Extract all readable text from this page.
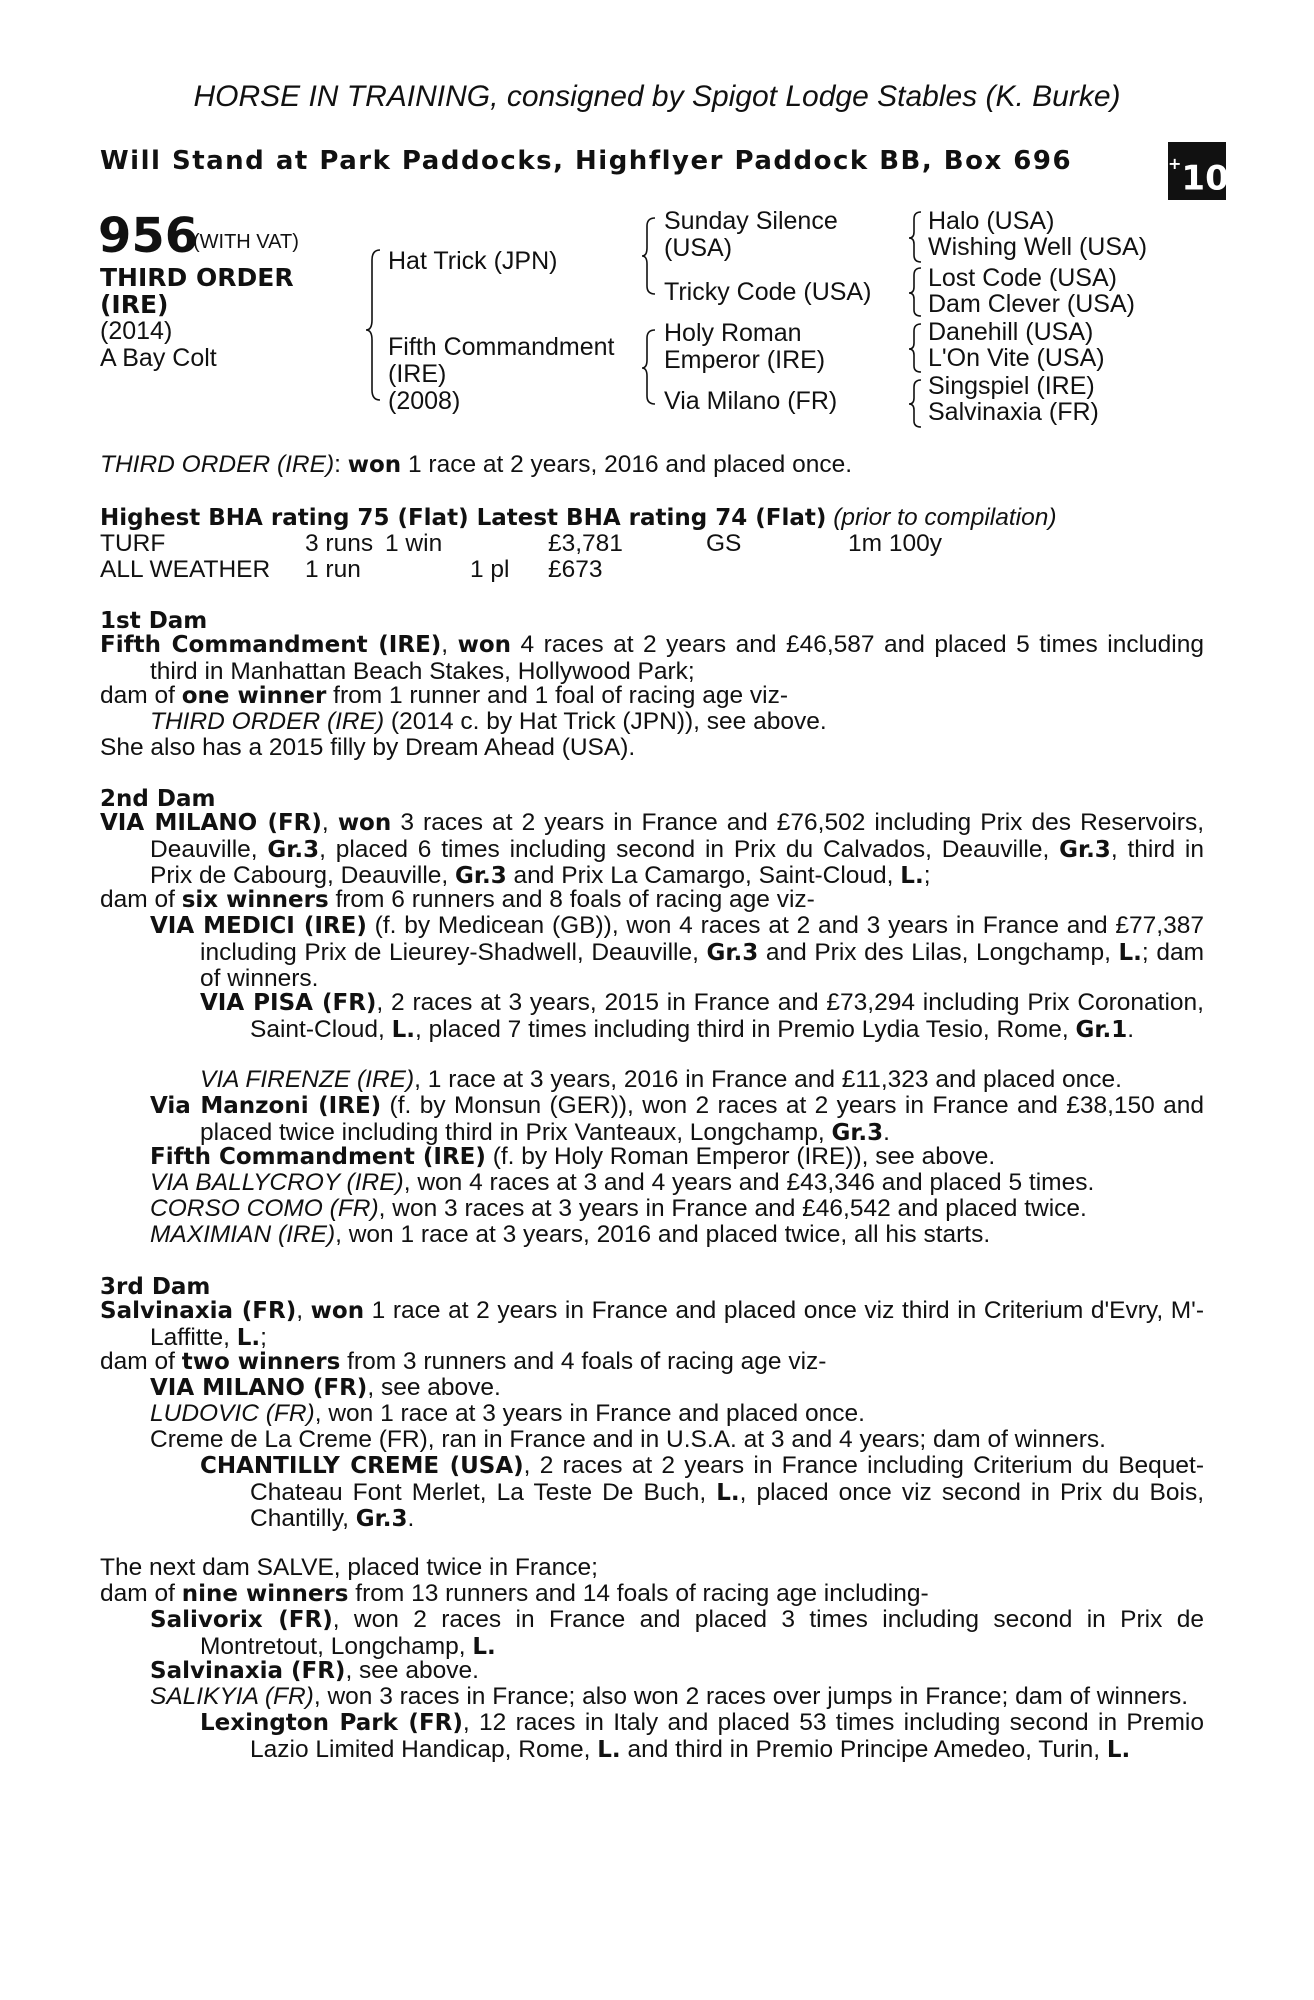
HORSE IN TRAINING, consigned by Spigot Lodge Stables (K. Burke)
Will Stand at Park Paddocks, Highflyer Paddock BB, Box 696	+10
956
(WITH VAT)
THIRD ORDER (IRE)
(2014)
A Bay Colt
Hat Trick (JPN)
Fifth Commandment
(IRE)
(2008)
Sunday Silence
(USA)
Tricky Code (USA)
Holy Roman
Emperor (IRE)
Via Milano (FR)
Halo (USA)
Wishing Well (USA)
Lost Code (USA)
Dam Clever (USA)
Danehill (USA)
L'On Vite (USA)
Singspiel (IRE)
Salvinaxia (FR)
THIRD ORDER (IRE): won 1 race at 2 years, 2016 and placed once.
Highest BHA rating 75 (Flat) Latest BHA rating 74 (Flat) (prior to compilation)
TURF	3 runs 1 win	£3,781	GS	1m 100y
ALL WEATHER 1 run	1 pl £673
1st Dam
Fifth Commandment (IRE), won 4 races at 2 years and £46,587 and placed 5 times including third in Manhattan Beach Stakes, Hollywood Park;
dam of one winner from 1 runner and 1 foal of racing age viz-
THIRD ORDER (IRE) (2014 c. by Hat Trick (JPN)), see above.
She also has a 2015 filly by Dream Ahead (USA).
2nd Dam
VIA MILANO (FR), won 3 races at 2 years in France and £76,502 including Prix des Reservoirs, Deauville, Gr.3, placed 6 times including second in Prix du Calvados, Deauville, Gr.3, third in Prix de Cabourg, Deauville, Gr.3 and Prix La Camargo, Saint-Cloud, L.;
dam of six winners from 6 runners and 8 foals of racing age viz-
VIA MEDICI (IRE) (f. by Medicean (GB)), won 4 races at 2 and 3 years in France and £77,387 including Prix de Lieurey-Shadwell, Deauville, Gr.3 and Prix des Lilas, Longchamp, L.; dam of winners.
VIA PISA (FR), 2 races at 3 years, 2015 in France and £73,294 including Prix Coronation, Saint-Cloud, L., placed 7 times including third in Premio Lydia Tesio, Rome, Gr.1.
VIA FIRENZE (IRE), 1 race at 3 years, 2016 in France and £11,323 and placed once.
Via Manzoni (IRE) (f. by Monsun (GER)), won 2 races at 2 years in France and £38,150 and placed twice including third in Prix Vanteaux, Longchamp, Gr.3.
Fifth Commandment (IRE) (f. by Holy Roman Emperor (IRE)), see above.
VIA BALLYCROY (IRE), won 4 races at 3 and 4 years and £43,346 and placed 5 times.
CORSO COMO (FR), won 3 races at 3 years in France and £46,542 and placed twice.
MAXIMIAN (IRE), won 1 race at 3 years, 2016 and placed twice, all his starts.
3rd Dam
Salvinaxia (FR), won 1 race at 2 years in France and placed once viz third in Criterium d'Evry, M'-Laffitte, L.;
dam of two winners from 3 runners and 4 foals of racing age viz-
VIA MILANO (FR), see above.
LUDOVIC (FR), won 1 race at 3 years in France and placed once.
Creme de La Creme (FR), ran in France and in U.S.A. at 3 and 4 years; dam of winners.
CHANTILLY CREME (USA), 2 races at 2 years in France including Criterium du Bequet- Chateau Font Merlet, La Teste De Buch, L., placed once viz second in Prix du Bois, Chantilly, Gr.3.
The next dam SALVE, placed twice in France;
dam of nine winners from 13 runners and 14 foals of racing age including-
Salivorix (FR), won 2 races in France and placed 3 times including second in Prix de Montretout, Longchamp, L.
Salvinaxia (FR), see above.
SALIKYIA (FR), won 3 races in France; also won 2 races over jumps in France; dam of winners.
Lexington Park (FR), 12 races in Italy and placed 53 times including second in Premio Lazio Limited Handicap, Rome, L. and third in Premio Principe Amedeo, Turin, L.
